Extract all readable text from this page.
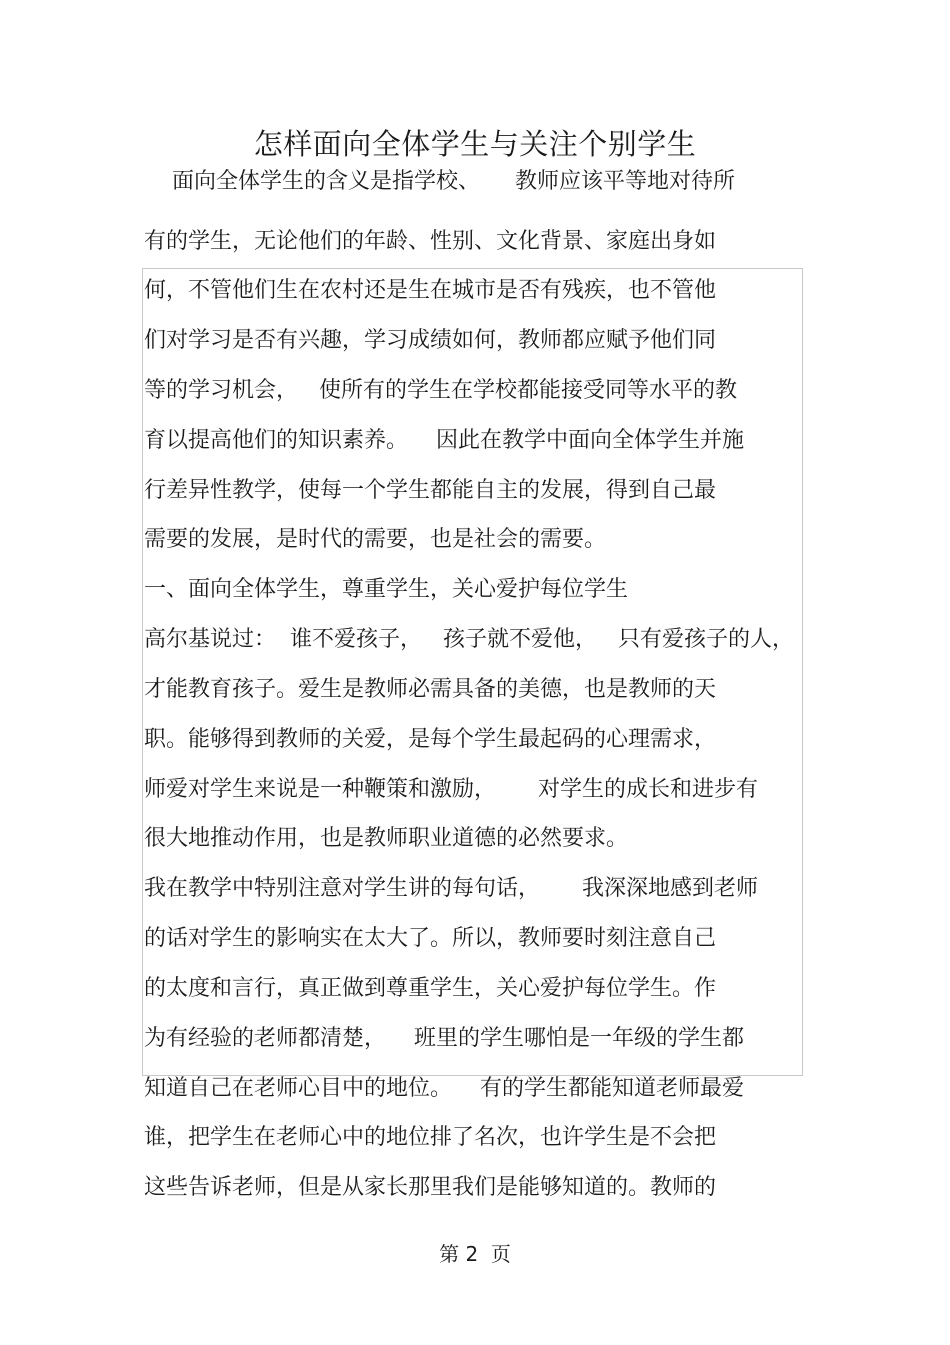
怎样面向全体学生与关注个别学生

面向全体学生的含义是指学校、     教师应该平等地对待所

有的学生，无论他们的年龄、性别、文化背景、家庭出身如

何，不管他们生在农村还是生在城市是否有残疾，也不管他

们对学习是否有兴趣，学习成绩如何，教师都应赋予他们同

等的学习机会，   使所有的学生在学校都能接受同等水平的教

育以提高他们的知识素养。    因此在教学中面向全体学生并施

行差异性教学，使每一个学生都能自主的发展，得到自己最

需要的发展，是时代的需要，也是社会的需要。

一、面向全体学生，尊重学生，关心爱护每位学生

高尔基说过：  谁不爱孩子，   孩子就不爱他，   只有爱孩子的人，

才能教育孩子。爱生是教师必需具备的美德，也是教师的天

职。能够得到教师的关爱，是每个学生最起码的心理需求，

师爱对学生来说是一种鞭策和激励，      对学生的成长和进步有

很大地推动作用，也是教师职业道德的必然要求。

我在教学中特别注意对学生讲的每句话，      我深深地感到老师

的话对学生的影响实在太大了。所以，教师要时刻注意自己

的太度和言行，真正做到尊重学生，关心爱护每位学生。作

为有经验的老师都清楚，    班里的学生哪怕是一年级的学生都

知道自己在老师心目中的地位。    有的学生都能知道老师最爱

谁，把学生在老师心中的地位排了名次，也许学生是不会把

这些告诉老师，但是从家长那里我们是能够知道的。教师的

第 2  页
